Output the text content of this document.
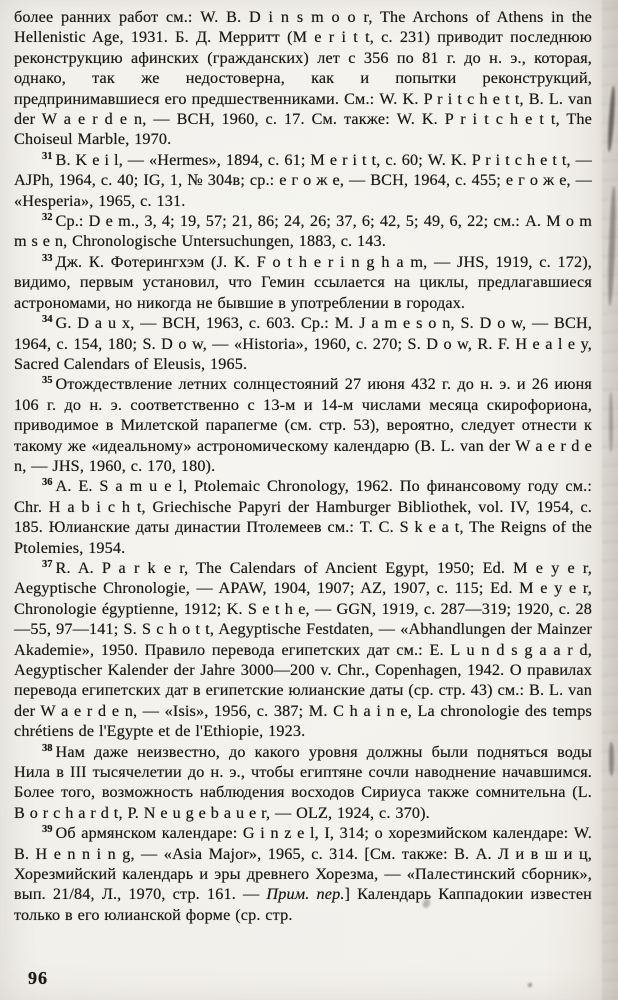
более ранних работ см.: W. B. D i n s m o o r, The Archons of Athens in the Hellenistic Age, 1931. Б. Д. Мерритт (M e r i t t, с. 231) приводит последнюю реконструкцию афинских (гражданских) лет с 356 по 81 г. до н. э., которая, однако, так же недостоверна, как и попытки реконструкций, предпринимавшиеся его предшественниками. См.: W. K. P r i t c h e t t, B. L. van der W a e r d e n, — BCH, 1960, с. 17. См. также: W. K. P r i t c h e t t, The Choiseul Marble, 1970.

$^{31}$ B. K e i l, — «Hermes», 1894, с. 61; M e r i t t, с. 60; W. K. P r i t c h e t t, — AJPh, 1964, с. 40; IG, 1, № 304в; ср.: е г о ж е, — BCH, 1964, с. 455; е г о ж е, — «Hesperia», 1965, с. 131.

$^{32}$ Ср.: D e m., 3, 4; 19, 57; 21, 86; 24, 26; 37, 6; 42, 5; 49, 6, 22; см.: A. M o m m s e n, Chronologische Untersuchungen, 1883, с. 143.

$^{33}$ Дж. К. Фотерингхэм (J. K. F o t h e r i n g h a m, — JHS, 1919, с. 172), видимо, первым установил, что Гемин ссылается на циклы, предлагавшиеся астрономами, но никогда не бывшие в употреблении в городах.

$^{34}$ G. D a u x, — BCH, 1963, с. 603. Ср.: M. J a m e s o n, S. D o w, — BCH, 1964, с. 154, 180; S. D o w, — «Historia», 1960, с. 270; S. D o w, R. F. H e a l e y, Sacred Calendars of Eleusis, 1965.

$^{35}$ Отождествление летних солнцестояний 27 июня 432 г. до н. э. и 26 июня 106 г. до н. э. соответственно с 13-м и 14-м числами месяца скирофориона, приводимое в Милетской парапегме (см. стр. 53), вероятно, следует отнести к такому же «идеальному» астрономическому календарю (B. L. van der W a e r d e n, — JHS, 1960, с. 170, 180).

$^{36}$ A. E. S a m u e l, Ptolemaic Chronology, 1962. По финансовому году см.: Chr. H a b i c h t, Griechische Papyri der Hamburger Bibliothek, vol. IV, 1954, с. 185. Юлианские даты династии Птолемеев см.: T. C. S k e a t, The Reigns of the Ptolemies, 1954.

$^{37}$ R. A. P a r k e r, The Calendars of Ancient Egypt, 1950; Ed. M e y e r, Aegyptische Chronologie, — APAW, 1904, 1907; AZ, 1907, с. 115; Ed. M e y e r, Chronologie égyptienne, 1912; K. S e t h e, — GGN, 1919, с. 287—319; 1920, с. 28—55, 97—141; S. S c h o t t, Aegyptische Festdaten, — «Abhandlungen der Mainzer Akademie», 1950. Правило перевода египетских дат см.: E. L u n d s g a a r d, Aegyptischer Kalender der Jahre 3000—200 v. Chr., Copenhagen, 1942. О правилах перевода египетских дат в египетские юлианские даты (ср. стр. 43) см.: B. L. van der W a e r d e n, — «Isis», 1956, с. 387; M. C h a i n e, La chronologie des temps chrétiens de l'Egypte et de l'Ethiopie, 1923.

$^{38}$ Нам даже неизвестно, до какого уровня должны были подняться воды Нила в III тысячелетии до н. э., чтобы египтяне сочли наводнение начавшимся. Более того, возможность наблюдения восходов Сириуса также сомнительна (L. B o r c h a r d t, P. N e u g e b a u e r, — OLZ, 1924, с. 370).

$^{39}$ Об армянском календаре: G i n z e l, I, 314; о хорезмийском календаре: W. B. H e n n i n g, — «Asia Major», 1965, с. 314. [См. также: В. А. Л и в ш и ц, Хорезмийский календарь и эры древнего Хорезма, — «Палестинский сборник», вып. 21/84, Л., 1970, стр. 161. — Прим. пер.] Календарь Каппадокии известен только в его юлианской форме (ср. стр.

96
